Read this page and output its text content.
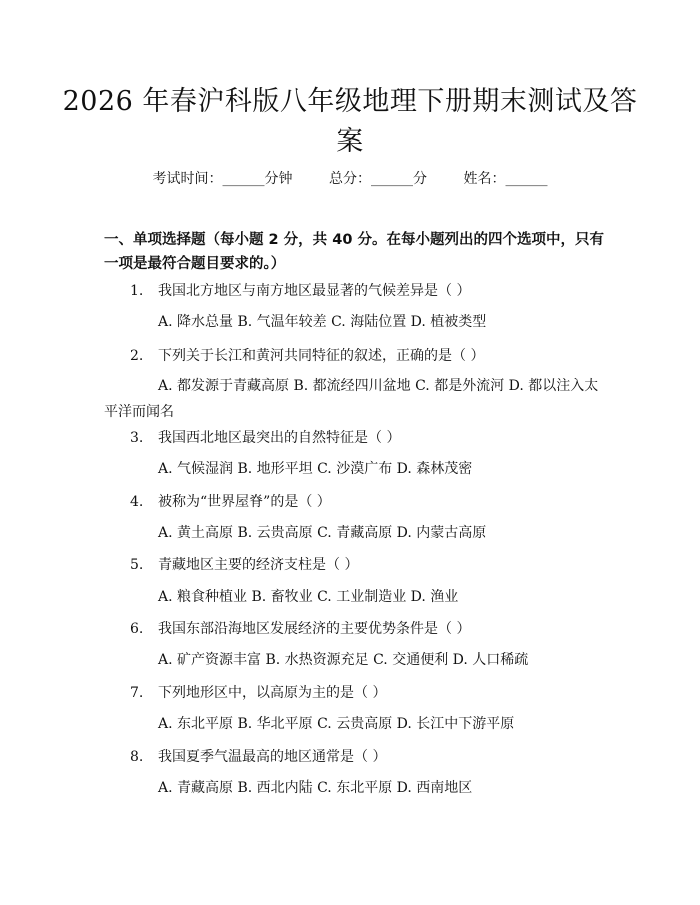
2026 年春沪科版八年级地理下册期末测试及答案
考试时间：______分钟	总分：______分	姓名：______
一、单项选择题（每小题 2 分，共 40 分。在每小题列出的四个选项中，只有一项是最符合题目要求的。）
1. 我国北方地区与南方地区最显著的气候差异是（ ）
A. 降水总量 B. 气温年较差 C. 海陆位置 D. 植被类型
2. 下列关于长江和黄河共同特征的叙述，正确的是（ ）
A. 都发源于青藏高原 B. 都流经四川盆地 C. 都是外流河 D. 都以注入太平洋而闻名
3. 我国西北地区最突出的自然特征是（ ）
A. 气候湿润 B. 地形平坦 C. 沙漠广布 D. 森林茂密
4. 被称为“世界屋脊”的是（ ）
A. 黄土高原 B. 云贵高原 C. 青藏高原 D. 内蒙古高原
5. 青藏地区主要的经济支柱是（ ）
A. 粮食种植业 B. 畜牧业 C. 工业制造业 D. 渔业
6. 我国东部沿海地区发展经济的主要优势条件是（ ）
A. 矿产资源丰富 B. 水热资源充足 C. 交通便利 D. 人口稀疏
7. 下列地形区中，以高原为主的是（ ）
A. 东北平原 B. 华北平原 C. 云贵高原 D. 长江中下游平原
8. 我国夏季气温最高的地区通常是（ ）
A. 青藏高原 B. 西北内陆 C. 东北平原 D. 西南地区
